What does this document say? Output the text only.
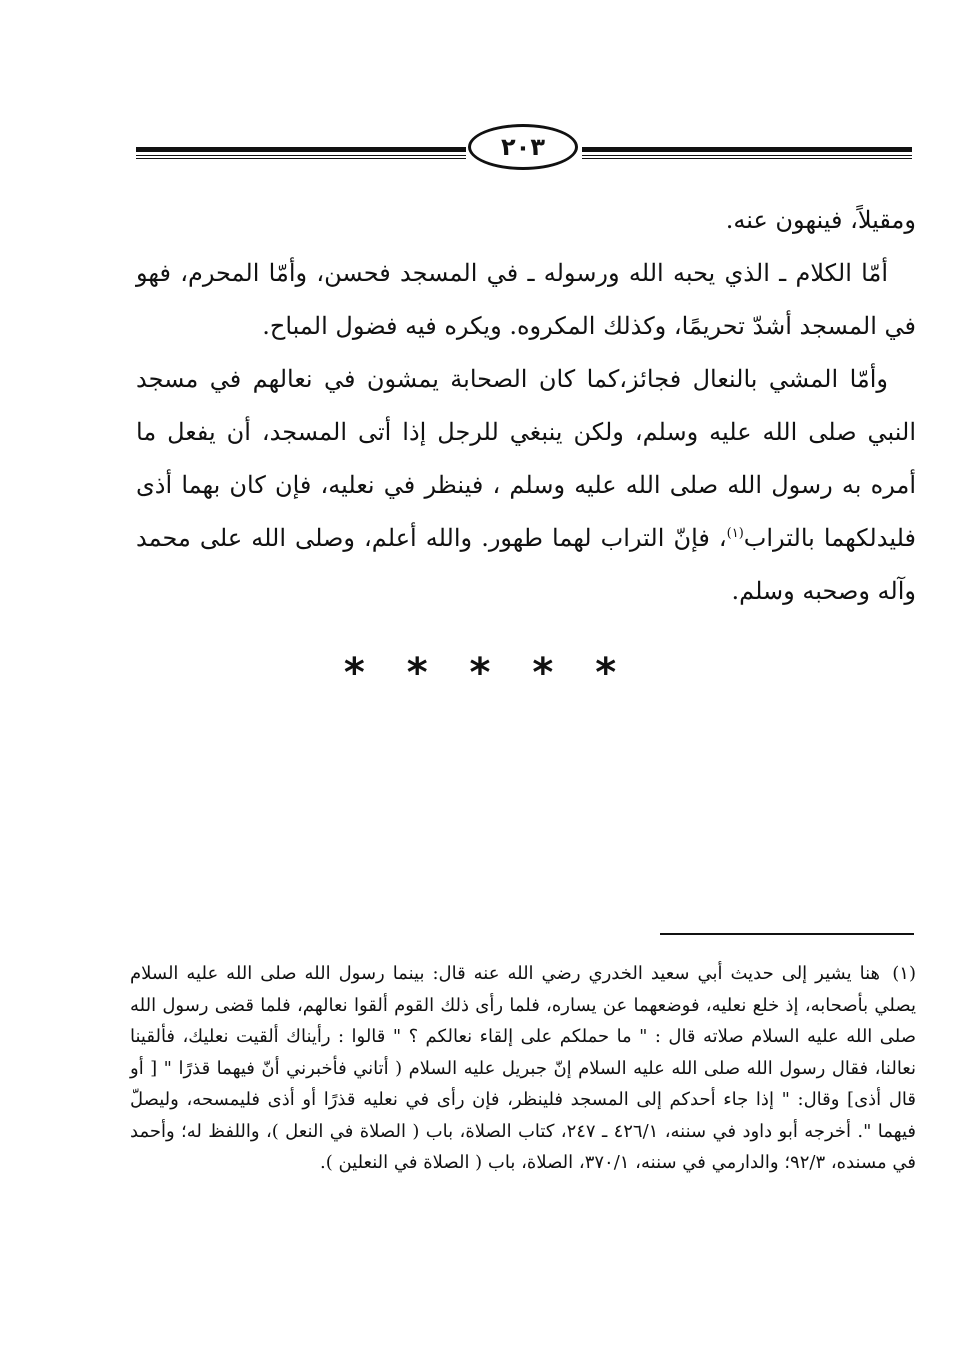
٢٠٣

ومقيلاً، فينهون عنه.

أمّا الكلام ـ الذي يحبه الله ورسوله ـ في المسجد فحسن، وأمّا المحرم، فهو في المسجد أشدّ تحريمًا، وكذلك المكروه. ويكره فيه فضول المباح.

وأمّا المشي بالنعال فجائز،كما كان الصحابة يمشون في نعالهم في مسجد النبي صلى الله عليه وسلم، ولكن ينبغي للرجل إذا أتى المسجد، أن يفعل ما أمره به رسول الله صلى الله عليه وسلم ، فينظر في نعليه، فإن كان بهما أذى فليدلكهما بالتراب$^{(١)}$، فإنّ التراب لهما طهور. والله أعلم، وصلى الله على محمد وآله وصحبه وسلم.

* * * * *
(١)هنا يشير إلى حديث أبي سعيد الخدري رضي الله عنه قال: بينما رسول الله صلى الله عليه السلام يصلي بأصحابه، إذ خلع نعليه، فوضعهما عن يساره، فلما رأى ذلك القوم ألقوا نعالهم، فلما قضى رسول الله صلى الله عليه السلام صلاته قال : " ما حملكم على إلقاء نعالكم ؟ " قالوا : رأيناك ألقيت نعليك، فألقينا نعالنا، فقال رسول الله صلى الله عليه السلام إنّ جبريل عليه السلام ( أتاني فأخبرني أنّ فيهما قذرًا " [ أو قال أذى] وقال: " إذا جاء أحدكم إلى المسجد فلينظر، فإن رأى في نعليه قذرًا أو أذى فليمسحه، وليصلّ فيهما ". أخرجه أبو داود في سننه، ٤٢٦/١ ـ ٢٤٧، كتاب الصلاة، باب ( الصلاة في النعل )، واللفظ له؛ وأحمد في مسنده، ٩٢/٣؛ والدارمي في سننه، ٣٧٠/١، الصلاة، باب ( الصلاة في النعلين ).
